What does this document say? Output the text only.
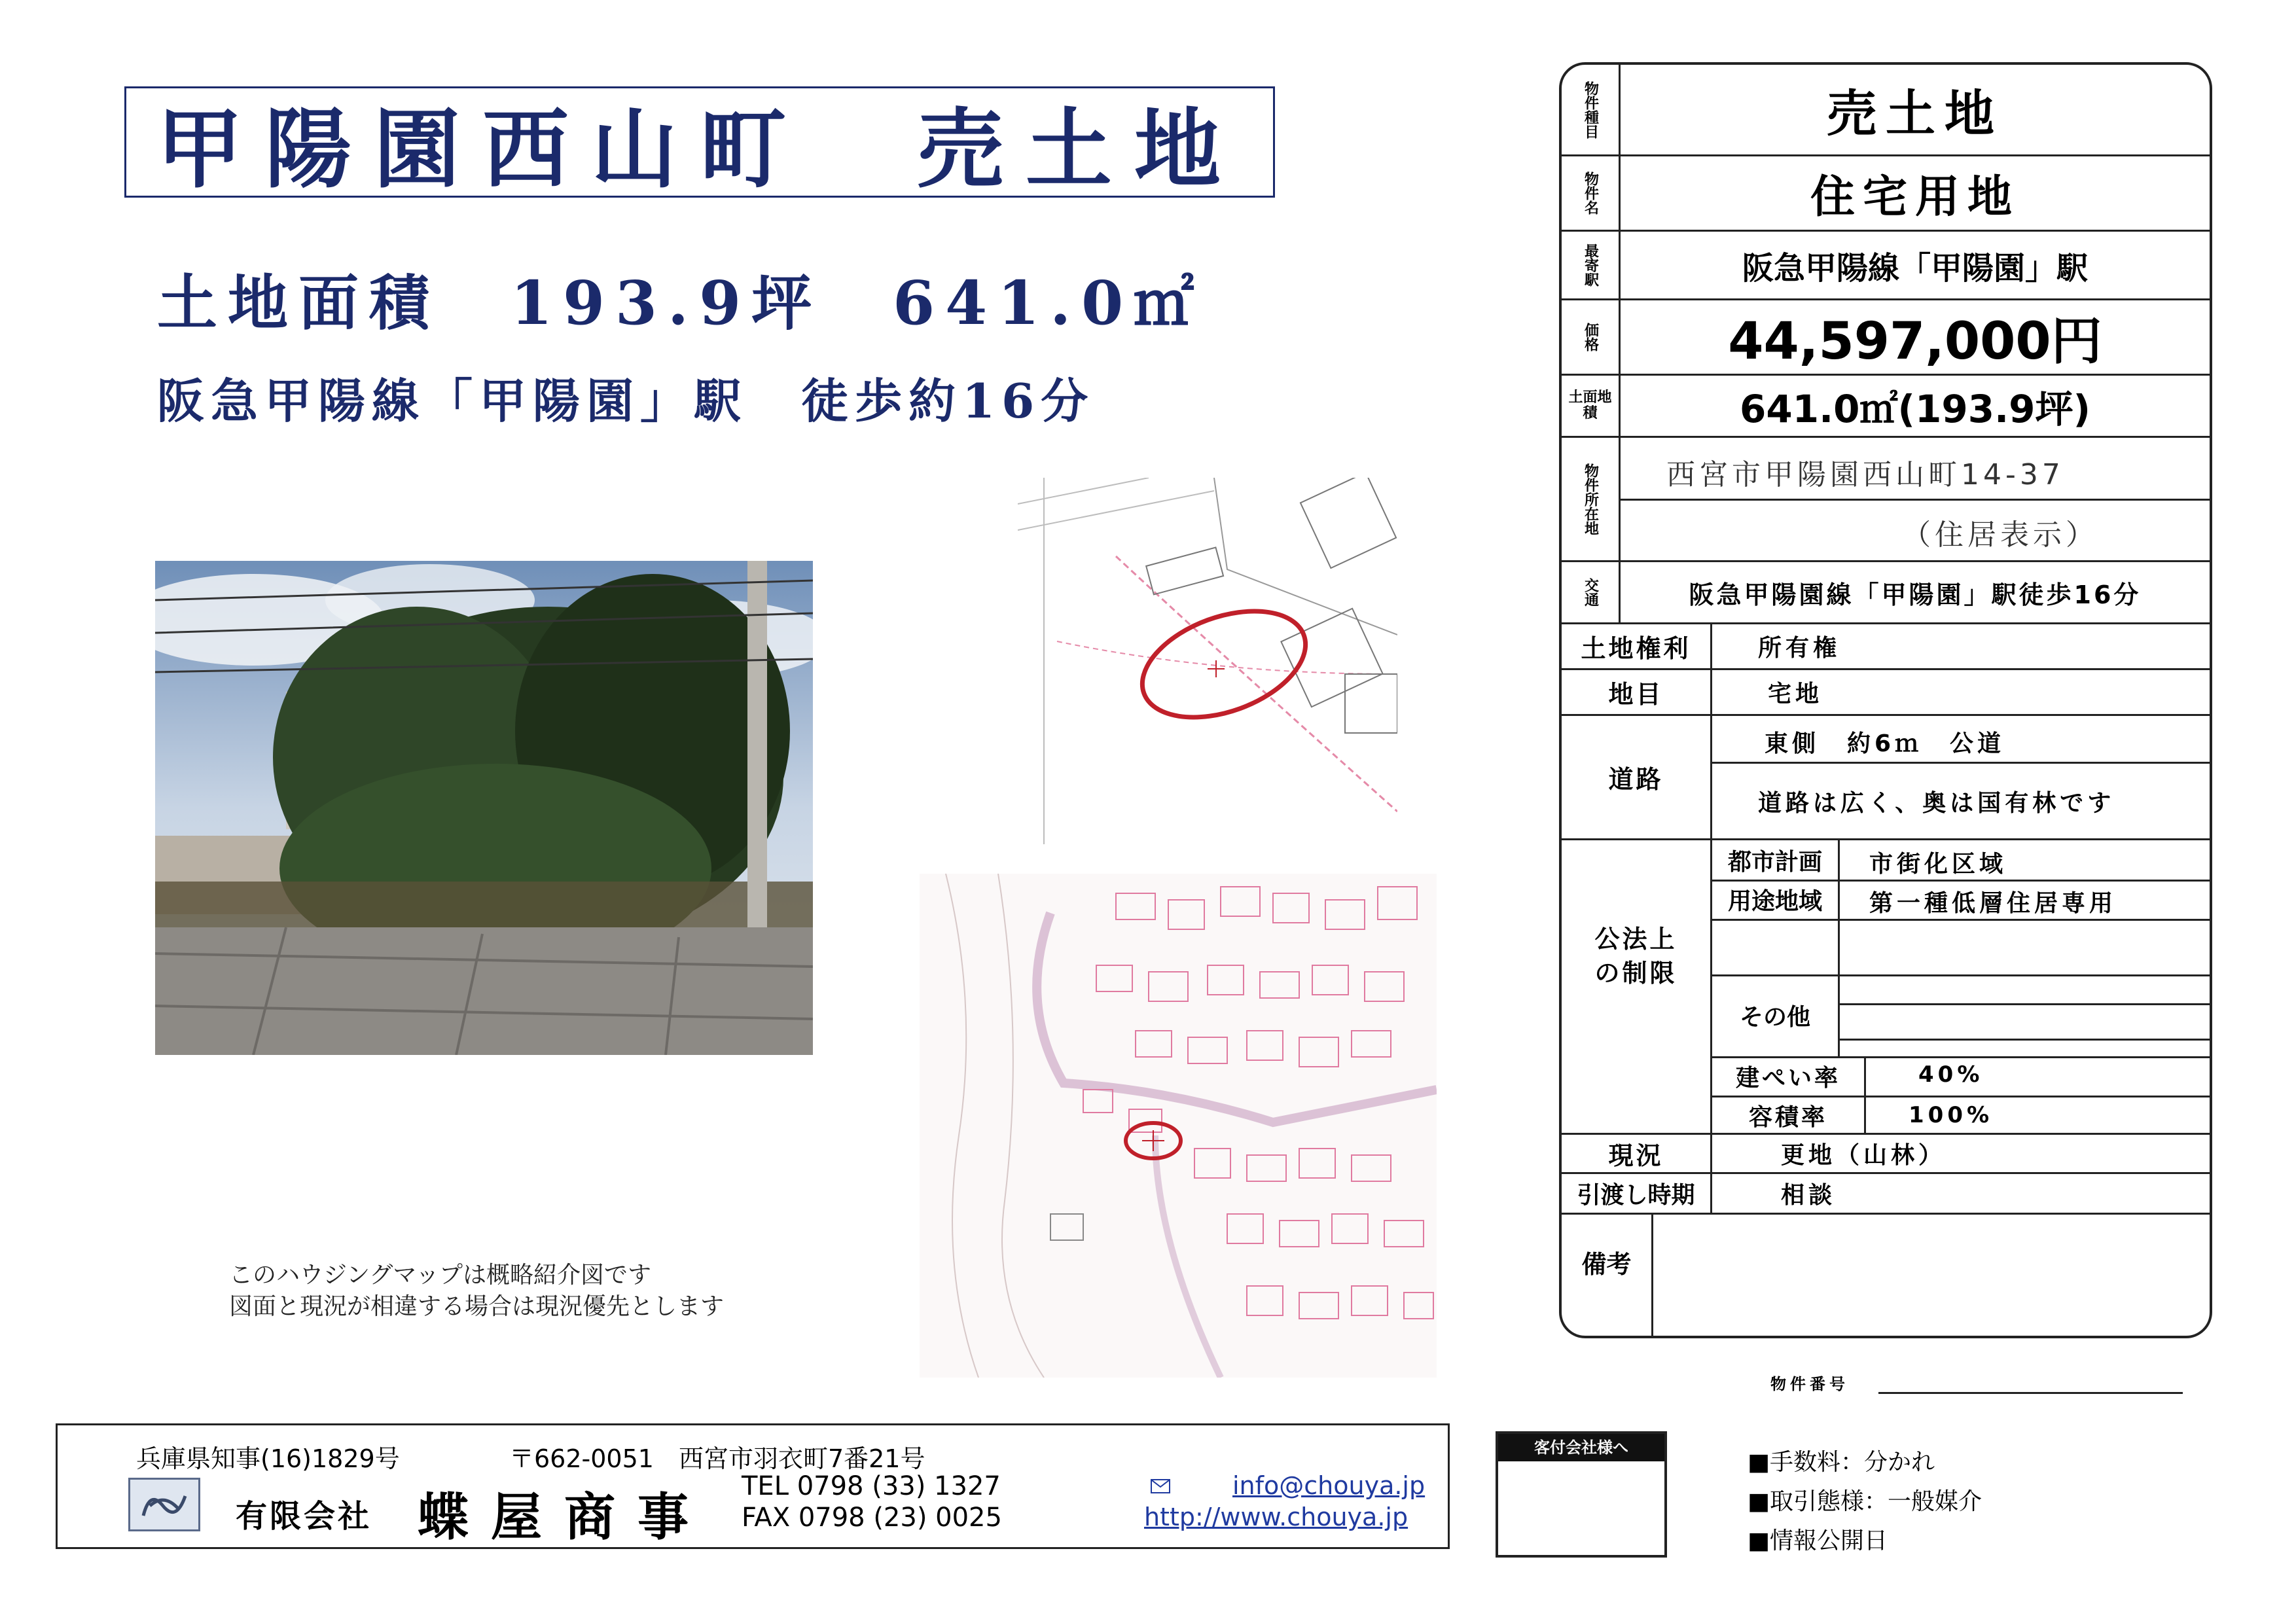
甲陽園西山町　売土地
土地面積　193.9坪　641.0㎡
阪急甲陽線「甲陽園」駅　徒歩約16分
このハウジングマップは概略紹介図です
図面と現況が相違する場合は現況優先とします
物件種目	売土地
物件名	住宅用地
最寄駅	阪急甲陽線「甲陽園」駅
価格	44,597,000円
土面地積	641.0㎡(193.9坪)
物件所在地	西宮市甲陽園西山町14-37
（住居表示）
交通	阪急甲陽園線「甲陽園」駅徒歩16分
土地権利	所有権
地目	宅地
道路
東側　約6ｍ　公道
道路は広く、奥は国有林です
公法上の制限
都市計画	市街化区域
用途地域	第一種低層住居専用
その他
建ぺい率	40%
容積率	100%
現況	更地（山林）
引渡し時期	相談
備考
物件番号
兵庫県知事(16)1829号	〒662-0051　西宮市羽衣町7番21号
有限会社 蝶屋商事
TEL 0798 (33) 1327
FAX 0798 (23) 0025
info@chouya.jp
http://www.chouya.jp
客付会社様へ
■手数料：分かれ
■取引態様：一般媒介
■情報公開日
